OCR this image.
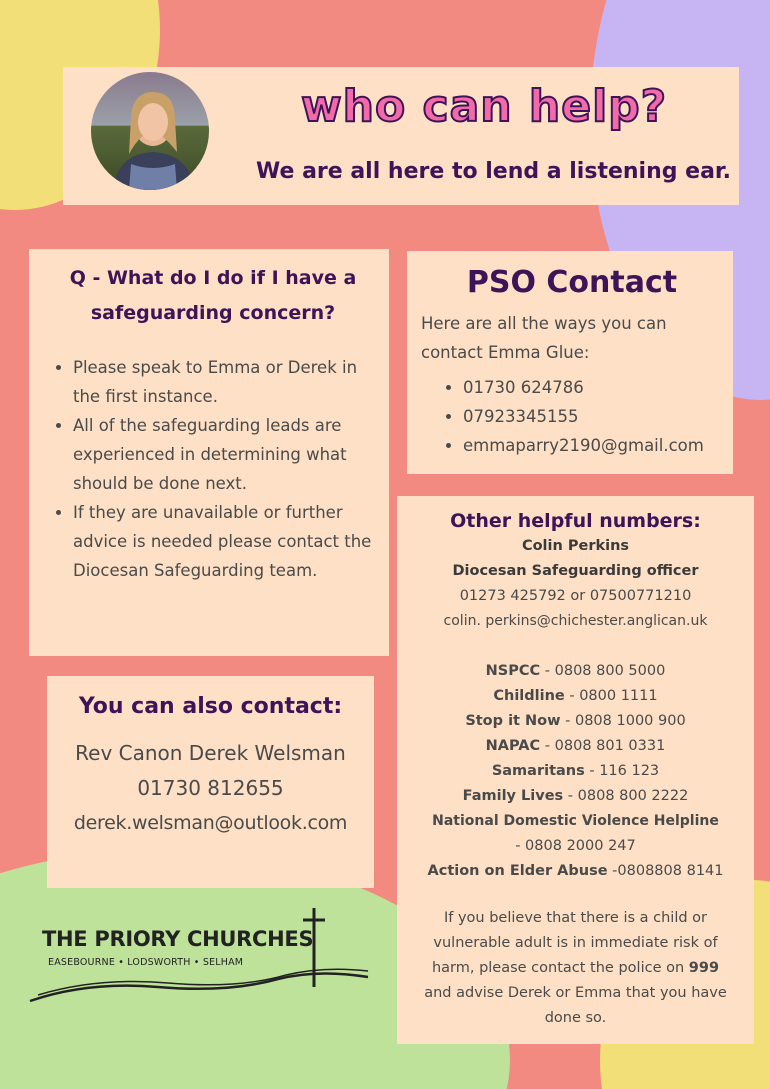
who can help?
We are all here to lend a listening ear.
Q - What do I do if I have a safeguarding concern?
• Please speak to Emma or Derek in the first instance.
• All of the safeguarding leads are experienced in determining what should be done next.
• If they are unavailable or further advice is needed please contact the Diocesan Safeguarding team.
PSO Contact
Here are all the ways you can contact Emma Glue:
• 01730 624786
• 07923345155
• emmaparry2190@gmail.com
You can also contact:
Rev Canon Derek Welsman
01730 812655
derek.welsman@outlook.com
Other helpful numbers:
Colin Perkins
Diocesan Safeguarding officer
01273 425792 or 07500771210
colin. perkins@chichester.anglican.uk
NSPCC - 0808 800 5000
Childline - 0800 1111
Stop it Now - 0808 1000 900
NAPAC - 0808 801 0331
Samaritans - 116 123
Family Lives - 0808 800 2222
National Domestic Violence Helpline
- 0808 2000 247
Action on Elder Abuse -0808808 8141
If you believe that there is a child or vulnerable adult is in immediate risk of harm, please contact the police on 999 and advise Derek or Emma that you have done so.
THE PRIORY CHURCHES
EASEBOURNE • LODSWORTH • SELHAM
